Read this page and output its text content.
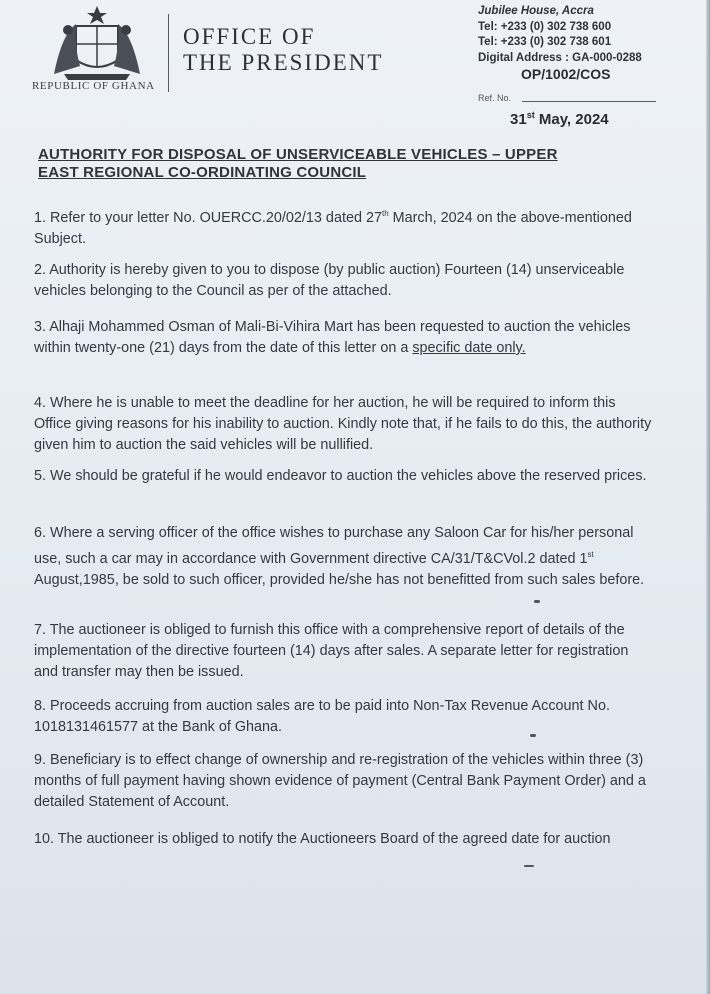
REPUBLIC OF GHANA
OFFICE OF
THE PRESIDENT
Jubilee House, Accra
Tel: +233 (0) 302 738 600
Tel: +233 (0) 302 738 601
Digital Address : GA-000-0288
OP/1002/COS
Ref. No.
31st May, 2024
AUTHORITY FOR DISPOSAL OF UNSERVICEABLE VEHICLES – UPPER
EAST REGIONAL CO-ORDINATING COUNCIL

1. Refer to your letter No. OUERCC.20/02/13 dated 27th March, 2024 on the above-mentioned Subject.

2. Authority is hereby given to you to dispose (by public auction) Fourteen (14) unserviceable vehicles belonging to the Council as per of the attached.

3. Alhaji Mohammed Osman of Mali-Bi-Vihira Mart has been requested to auction the vehicles within twenty-one (21) days from the date of this letter on a specific date only.

4. Where he is unable to meet the deadline for her auction, he will be required to inform this Office giving reasons for his inability to auction. Kindly note that, if he fails to do this, the authority given him to auction the said vehicles will be nullified.

5. We should be grateful if he would endeavor to auction the vehicles above the reserved prices.

6. Where a serving officer of the office wishes to purchase any Saloon Car for his/her personal use, such a car may in accordance with Government directive CA/31/T&CVol.2 dated 1st August,1985, be sold to such officer, provided he/she has not benefitted from such sales before.

7. The auctioneer is obliged to furnish this office with a comprehensive report of details of the implementation of the directive fourteen (14) days after sales. A separate letter for registration and transfer may then be issued.

8. Proceeds accruing from auction sales are to be paid into Non-Tax Revenue Account No. 1018131461577 at the Bank of Ghana.

9. Beneficiary is to effect change of ownership and re-registration of the vehicles within three (3) months of full payment having shown evidence of payment (Central Bank Payment Order) and a detailed Statement of Account.

10. The auctioneer is obliged to notify the Auctioneers Board of the agreed date for auction
